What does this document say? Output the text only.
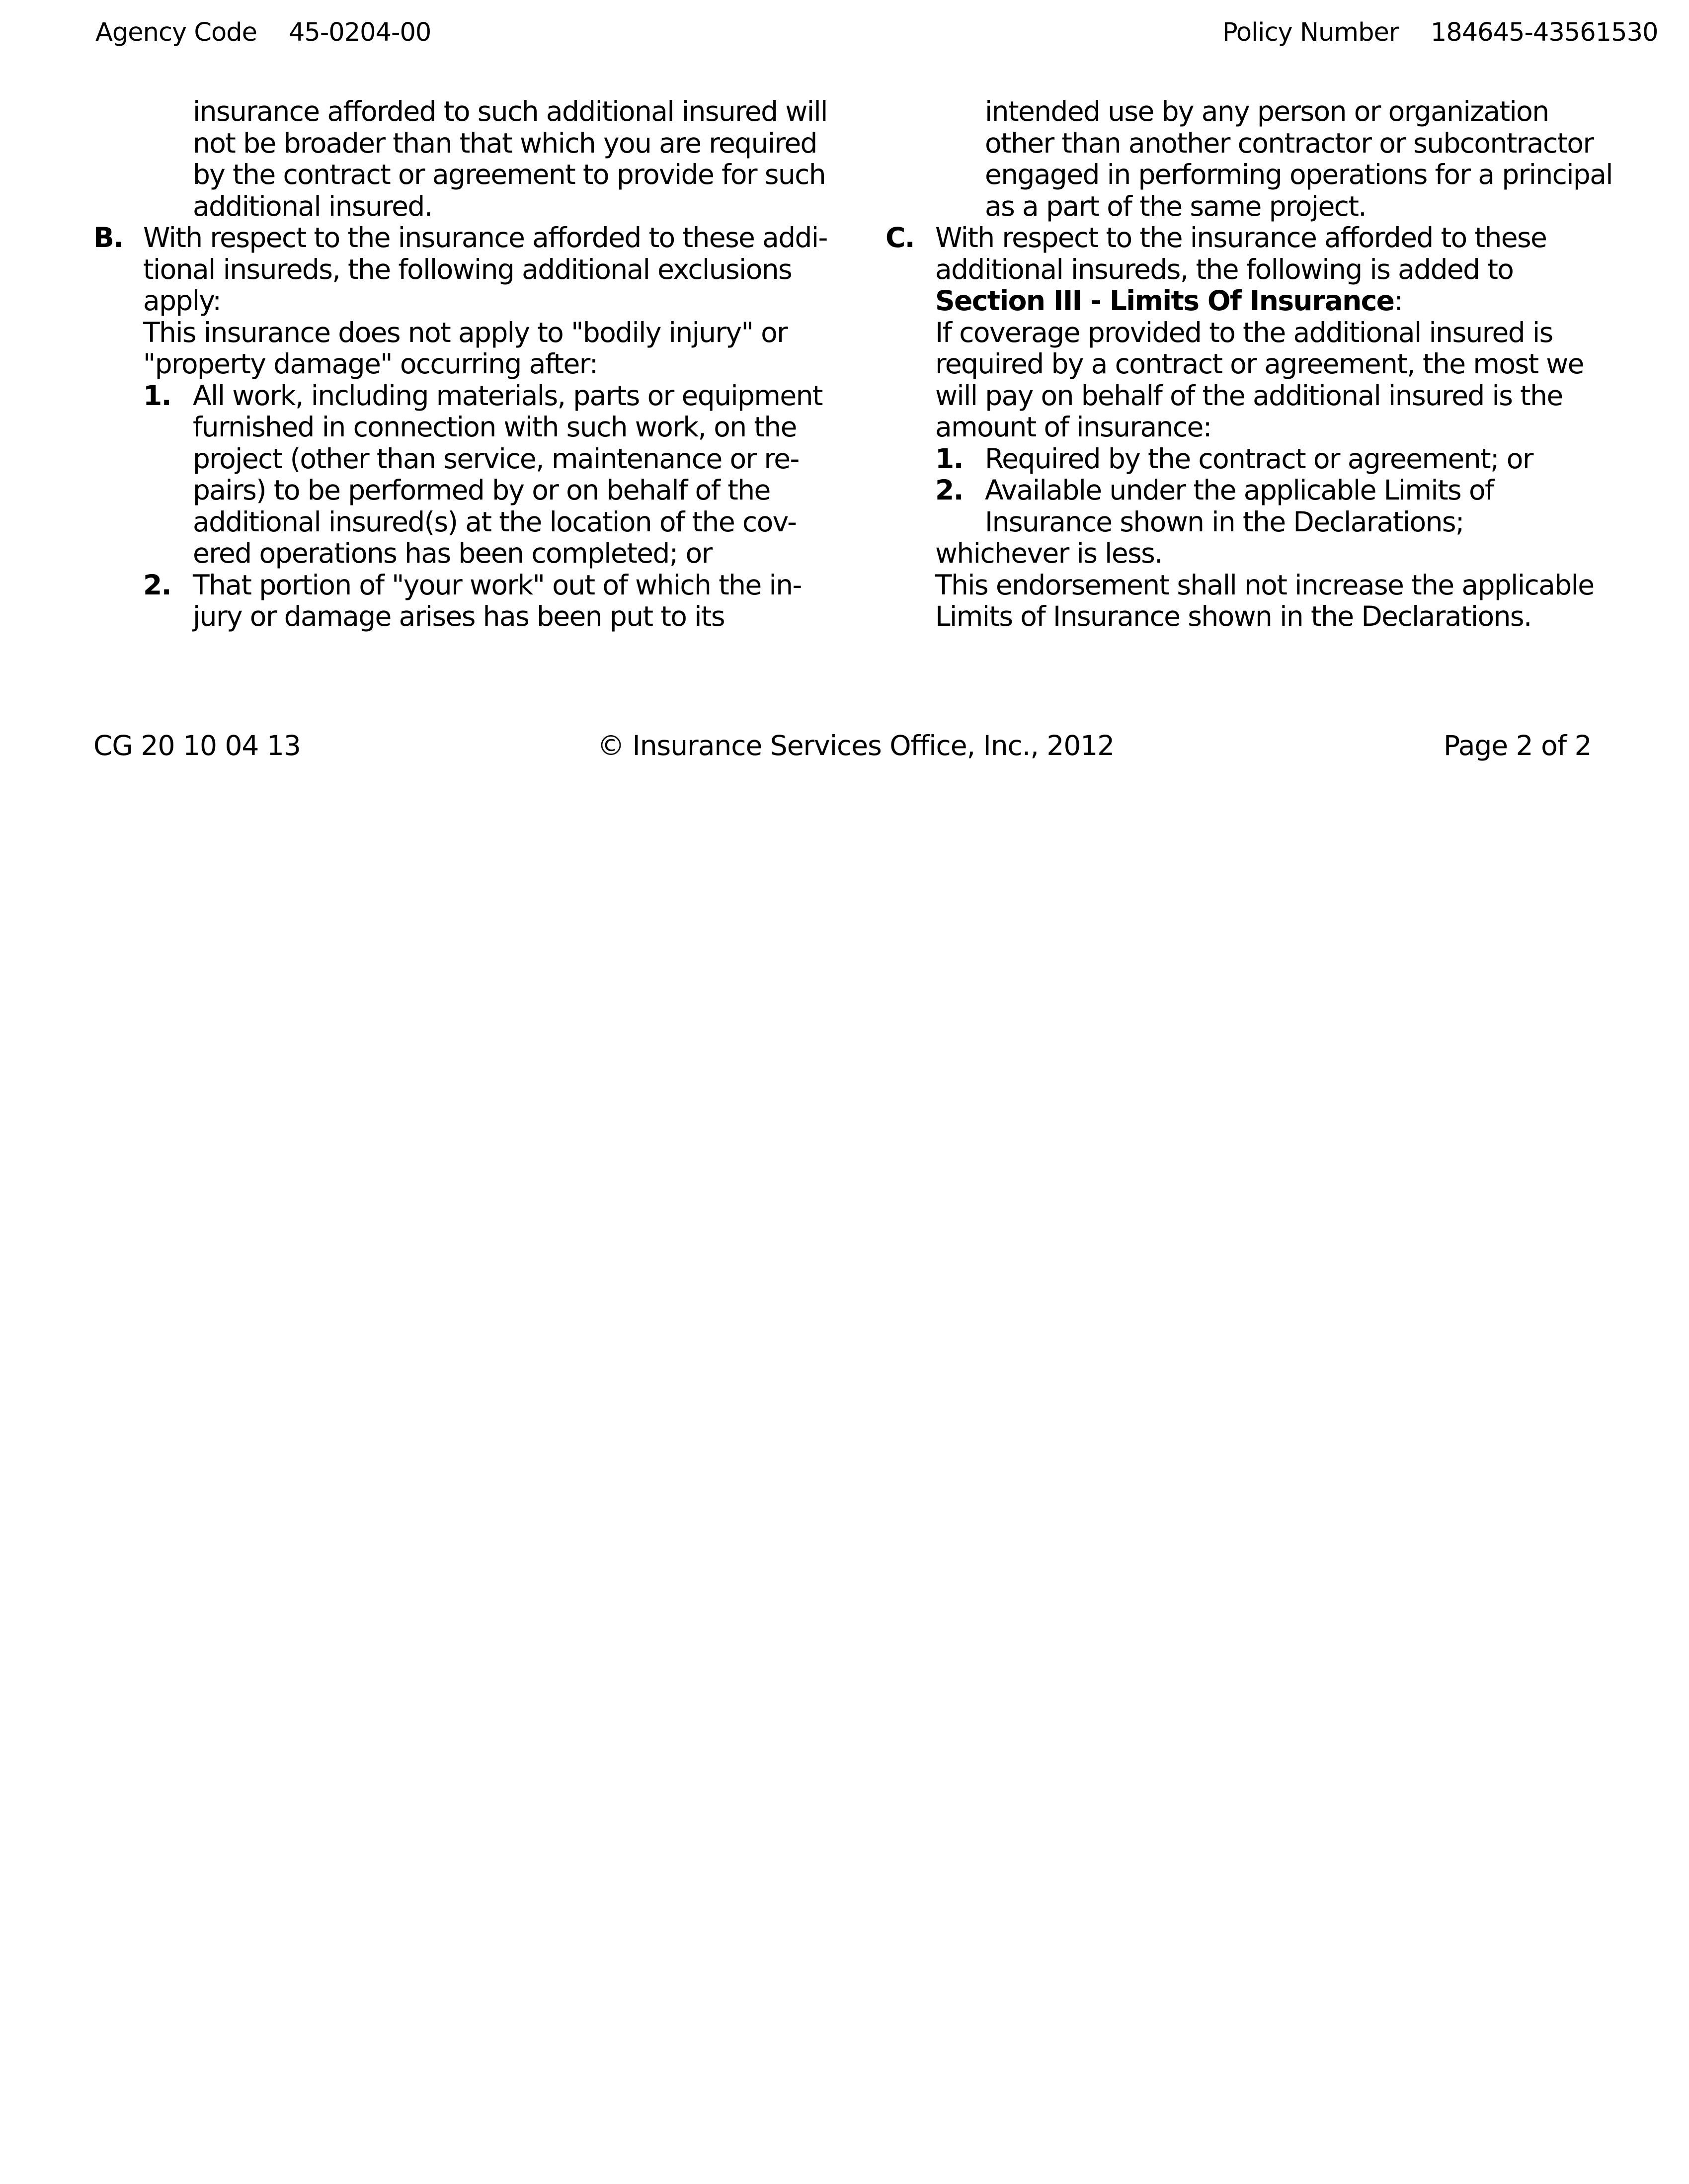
Agency Code 45-0204-00	Policy Number 184645-43561530
insurance afforded to such additional insured will
not be broader than that which you are required
by the contract or agreement to provide for such
additional insured.
B. With respect to the insurance afforded to these addi-
tional insureds, the following additional exclusions
apply:
This insurance does not apply to "bodily injury" or
"property damage" occurring after:
1. All work, including materials, parts or equipment
furnished in connection with such work, on the
project (other than service, maintenance or re-
pairs) to be performed by or on behalf of the
additional insured(s) at the location of the cov-
ered operations has been completed; or
2. That portion of "your work" out of which the in-
jury or damage arises has been put to its
intended use by any person or organization
other than another contractor or subcontractor
engaged in performing operations for a principal
as a part of the same project.
C. With respect to the insurance afforded to these
additional insureds, the following is added to
Section III - Limits Of Insurance:
If coverage provided to the additional insured is
required by a contract or agreement, the most we
will pay on behalf of the additional insured is the
amount of insurance:
1. Required by the contract or agreement; or
2. Available under the applicable Limits of
Insurance shown in the Declarations;
whichever is less.
This endorsement shall not increase the applicable
Limits of Insurance shown in the Declarations.
CG 20 10 04 13	© Insurance Services Office, Inc., 2012	Page 2 of 2
